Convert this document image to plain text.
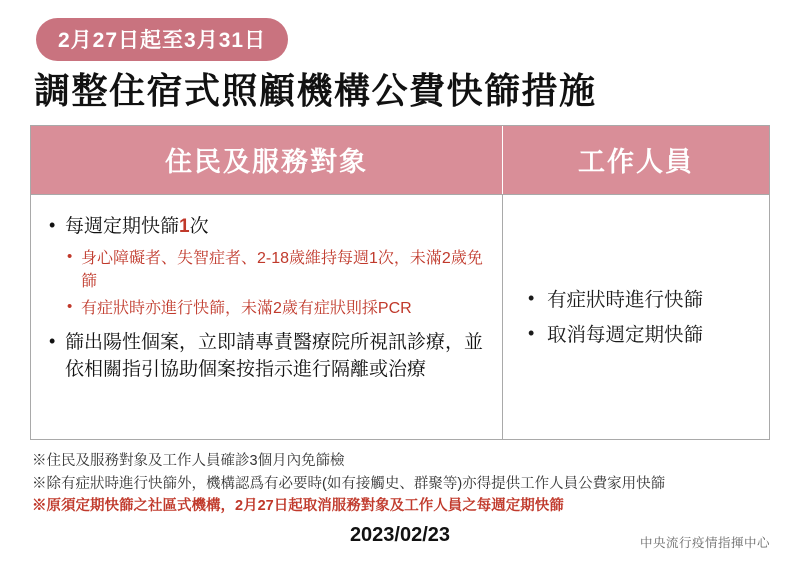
2月27日起至3月31日
調整住宿式照顧機構公費快篩措施
住民及服務對象	工作人員
• 每週定期快篩1次
• 身心障礙者、失智症者、2-18歲維持每週1次，未滿2歲免篩
• 有症狀時亦進行快篩，未滿2歲有症狀則採PCR
• 篩出陽性個案，立即請專責醫療院所視訊診療，並依相關指引協助個案按指示進行隔離或治療
• 有症狀時進行快篩
• 取消每週定期快篩
※住民及服務對象及工作人員確診3個月內免篩檢
※除有症狀時進行快篩外，機構認爲有必要時(如有接觸史、群聚等)亦得提供工作人員公費家用快篩
※原須定期快篩之社區式機構，2月27日起取消服務對象及工作人員之每週定期快篩
2023/02/23	中央流行疫情指揮中心
